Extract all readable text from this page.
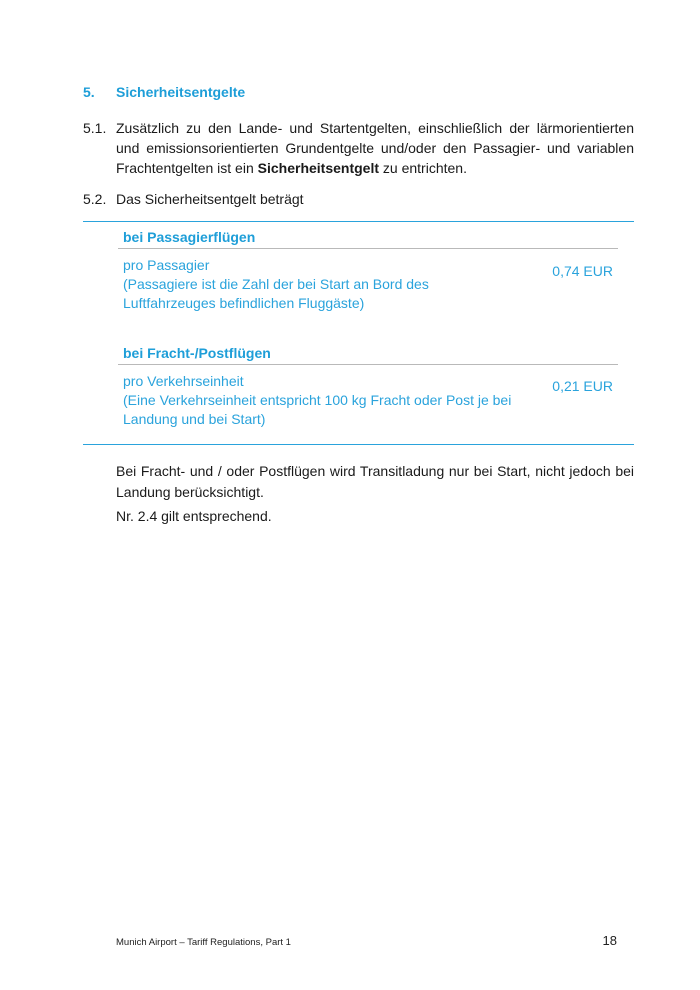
5. Sicherheitsentgelte
5.1. Zusätzlich zu den Lande- und Startentgelten, einschließlich der lärmorientierten und emissionsorientierten Grundentgelte und/oder den Passagier- und variablen Frachtentgelten ist ein Sicherheitsentgelt zu entrichten.
5.2. Das Sicherheitsentgelt beträgt
bei Passagierflügen
pro Passagier
(Passagiere ist die Zahl der bei Start an Bord des Luftfahrzeuges befindlichen Fluggäste)
0,74 EUR
bei Fracht-/Postflügen
pro Verkehrseinheit
(Eine Verkehrseinheit entspricht 100 kg Fracht oder Post je bei Landung und bei Start)
0,21 EUR
Bei Fracht- und / oder Postflügen wird Transitladung nur bei Start, nicht jedoch bei Landung berücksichtigt.
Nr. 2.4 gilt entsprechend.
Munich Airport – Tariff Regulations, Part 1	18
